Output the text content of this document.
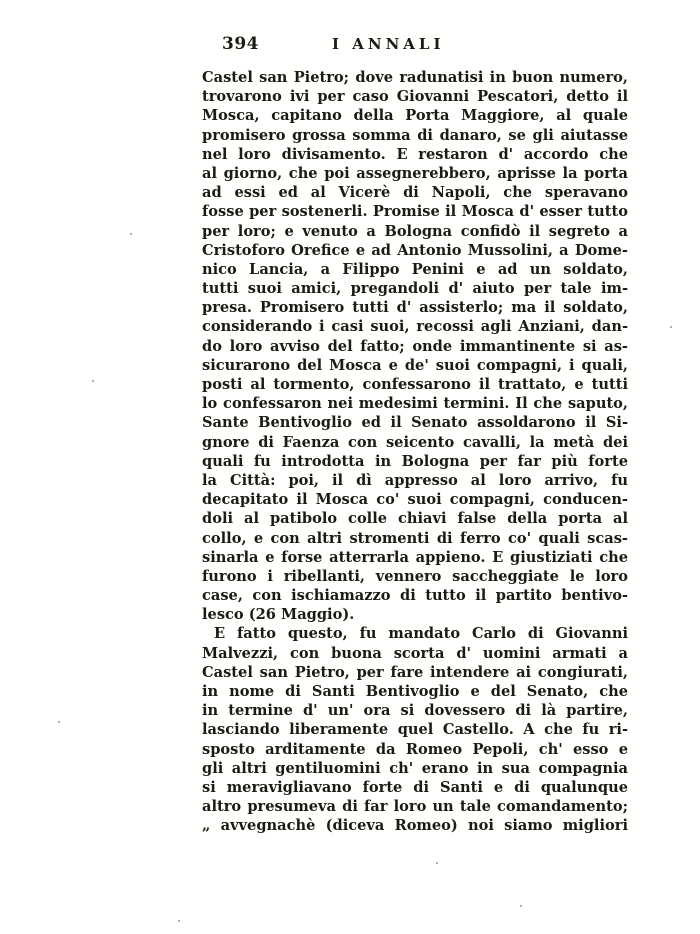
394	I ANNALI
Castel san Pietro; dove radunatisi in buon numero,
trovarono ivi per caso Giovanni Pescatori, detto il
Mosca, capitano della Porta Maggiore, al quale
promisero grossa somma di danaro, se gli aiutasse
nel loro divisamento. E restaron d' accordo che
al giorno, che poi assegnerebbero, aprisse la porta
ad essi ed al Vicerè di Napoli, che speravano
fosse per sostenerli. Promise il Mosca d' esser tutto
per loro; e venuto a Bologna confidò il segreto a
Cristoforo Orefice e ad Antonio Mussolini, a Dome-
nico Lancia, a Filippo Penini e ad un soldato,
tutti suoi amici, pregandoli d' aiuto per tale im-
presa. Promisero tutti d' assisterlo; ma il soldato,
considerando i casi suoi, recossi agli Anziani, dan-
do loro avviso del fatto; onde immantinente si as-
sicurarono del Mosca e de' suoi compagni, i quali,
posti al tormento, confessarono il trattato, e tutti
lo confessaron nei medesimi termini. Il che saputo,
Sante Bentivoglio ed il Senato assoldarono il Si-
gnore di Faenza con seicento cavalli, la metà dei
quali fu introdotta in Bologna per far più forte
la Città: poi, il dì appresso al loro arrivo, fu
decapitato il Mosca co' suoi compagni, conducen-
doli al patibolo colle chiavi false della porta al
collo, e con altri stromenti di ferro co' quali scas-
sinarla e forse atterrarla appieno. E giustiziati che
furono i ribellanti, vennero saccheggiate le loro
case, con ischiamazzo di tutto il partito bentivo-
lesco (26 Maggio).
E fatto questo, fu mandato Carlo di Giovanni
Malvezzi, con buona scorta d' uomini armati a
Castel san Pietro, per fare intendere ai congiurati,
in nome di Santi Bentivoglio e del Senato, che
in termine d' un' ora si dovessero di là partire,
lasciando liberamente quel Castello. A che fu ri-
sposto arditamente da Romeo Pepoli, ch' esso e
gli altri gentiluomini ch' erano in sua compagnia
si meravigliavano forte di Santi e di qualunque
altro presumeva di far loro un tale comandamento;
„ avvegnachè (diceva Romeo) noi siamo migliori
